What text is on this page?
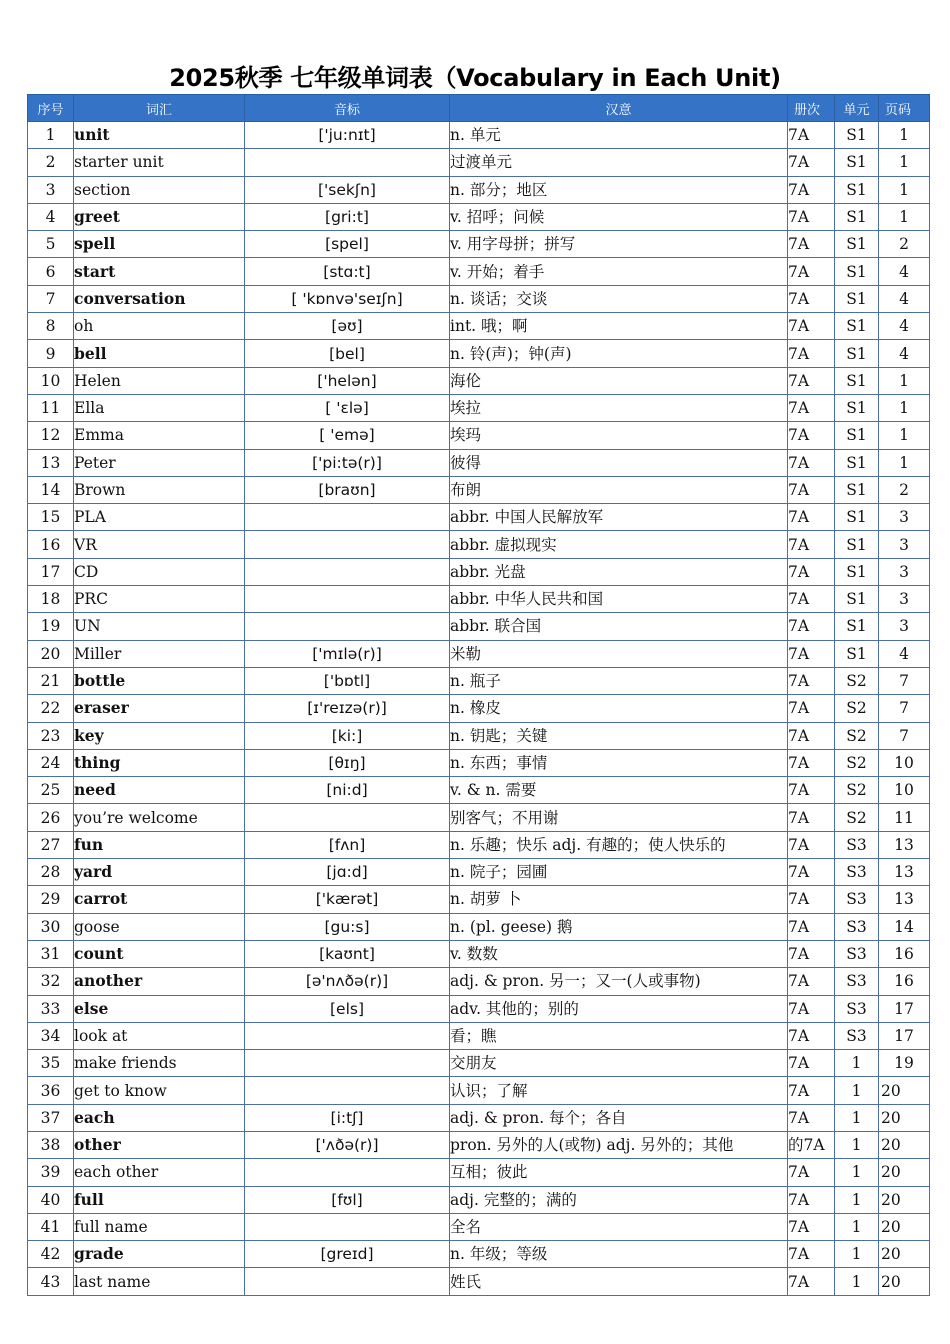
2025秋季 七年级单词表（Vocabulary in Each Unit)
序号	词汇	音标	汉意	册次	单元	页码
1	unit	['ju:nɪt]	n. 单元	7A	S1	1
2	starter unit		过渡单元	7A	S1	1
3	section	['sekʃn]	n. 部分；地区	7A	S1	1
4	greet	[gri:t]	v. 招呼；问候	7A	S1	1
5	spell	[spel]	v. 用字母拼；拼写	7A	S1	2
6	start	[stɑ:t]	v. 开始；着手	7A	S1	4
7	conversation	[ 'kɒnvə'seɪʃn]	n. 谈话；交谈	7A	S1	4
8	oh	[əʊ]	int. 哦；啊	7A	S1	4
9	bell	[bel]	n. 铃(声)；钟(声)	7A	S1	4
10	Helen	['helən]	海伦	7A	S1	1
11	Ella	[ 'ɛlə]	埃拉	7A	S1	1
12	Emma	[ 'emə]	埃玛	7A	S1	1
13	Peter	['pi:tə(r)]	彼得	7A	S1	1
14	Brown	[braʊn]	布朗	7A	S1	2
15	PLA		abbr. 中国人民解放军	7A	S1	3
16	VR		abbr. 虚拟现实	7A	S1	3
17	CD		abbr. 光盘	7A	S1	3
18	PRC		abbr. 中华人民共和国	7A	S1	3
19	UN		abbr. 联合国	7A	S1	3
20	Miller	['mɪlə(r)]	米勒	7A	S1	4
21	bottle	['bɒtl]	n. 瓶子	7A	S2	7
22	eraser	[ɪ'reɪzə(r)]	n. 橡皮	7A	S2	7
23	key	[ki:]	n. 钥匙；关键	7A	S2	7
24	thing	[θɪŋ]	n. 东西；事情	7A	S2	10
25	need	[ni:d]	v. & n. 需要	7A	S2	10
26	you’re welcome		别客气；不用谢	7A	S2	11
27	fun	[fʌn]	n. 乐趣；快乐 adj. 有趣的；使人快乐的	7A	S3	13
28	yard	[jɑ:d]	n. 院子；园圃	7A	S3	13
29	carrot	['kærət]	n. 胡萝 卜	7A	S3	13
30	goose	[gu:s]	n. (pl. geese) 鹅	7A	S3	14
31	count	[kaʊnt]	v. 数数	7A	S3	16
32	another	[ə'nʌðə(r)]	adj. & pron. 另一；又一(人或事物)	7A	S3	16
33	else	[els]	adv. 其他的；别的	7A	S3	17
34	look at		看；瞧	7A	S3	17
35	make friends		交朋友	7A	1	19
36	get to know		认识；了解	7A	1	20
37	each	[i:tʃ]	adj. & pron. 每个；各自	7A	1	20
38	other	['ʌðə(r)]	pron. 另外的人(或物) adj. 另外的；其他	的7A	1	20
39	each other		互相；彼此	7A	1	20
40	full	[fʊl]	adj. 完整的；满的	7A	1	20
41	full name		全名	7A	1	20
42	grade	[greɪd]	n. 年级；等级	7A	1	20
43	last name		姓氏	7A	1	20
